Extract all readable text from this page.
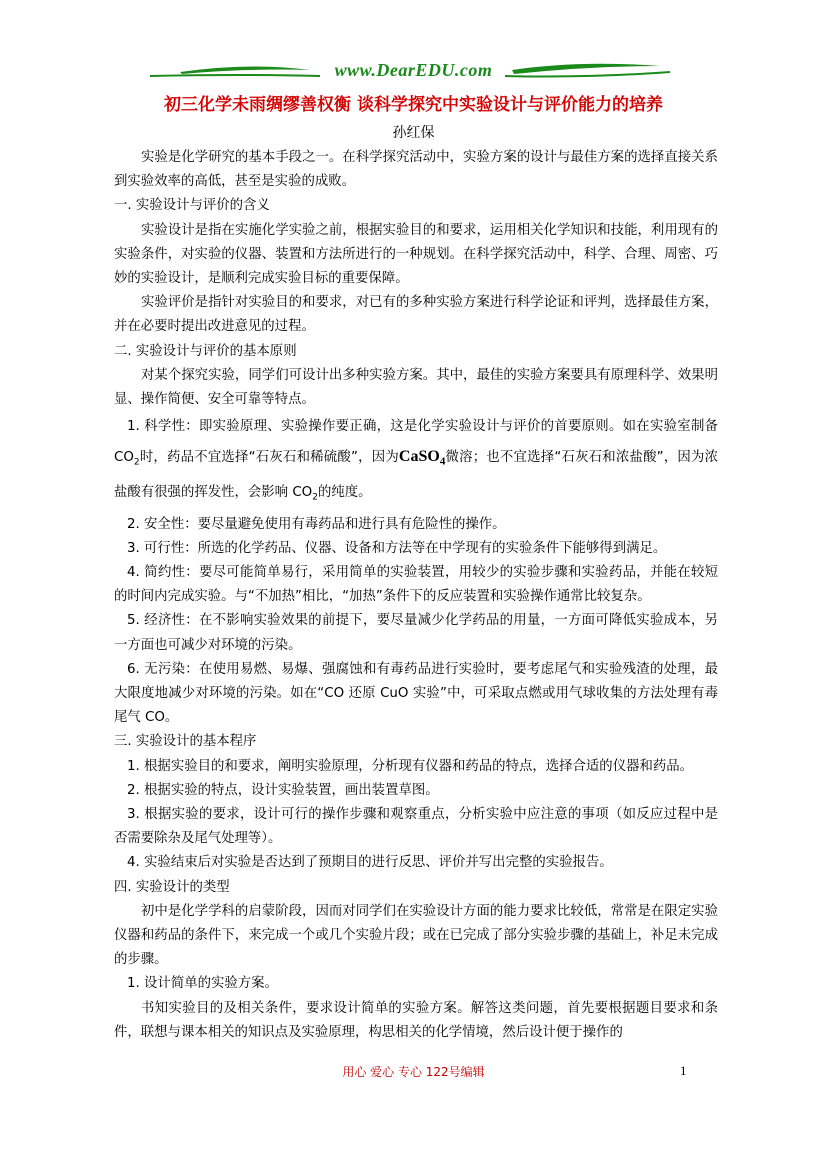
www.DearEDU.com
初三化学未雨绸缪善权衡 谈科学探究中实验设计与评价能力的培养
孙红保

实验是化学研究的基本手段之一。在科学探究活动中，实验方案的设计与最佳方案的选择直接关系到实验效率的高低，甚至是实验的成败。

一. 实验设计与评价的含义

实验设计是指在实施化学实验之前，根据实验目的和要求，运用相关化学知识和技能，利用现有的实验条件，对实验的仪器、装置和方法所进行的一种规划。在科学探究活动中，科学、合理、周密、巧妙的实验设计，是顺利完成实验目标的重要保障。

实验评价是指针对实验目的和要求，对已有的多种实验方案进行科学论证和评判，选择最佳方案，并在必要时提出改进意见的过程。

二. 实验设计与评价的基本原则

对某个探究实验，同学们可设计出多种实验方案。其中，最佳的实验方案要具有原理科学、效果明显、操作简便、安全可靠等特点。

1. 科学性：即实验原理、实验操作要正确，这是化学实验设计与评价的首要原则。如在实验室制备 $CO_2$时，药品不宜选择“石灰石和稀硫酸”，因为CaSO$_4$微溶；也不宜选择“石灰石和浓盐酸”，因为浓盐酸有很强的挥发性，会影响 $CO_2$的纯度。

2. 安全性：要尽量避免使用有毒药品和进行具有危险性的操作。

3. 可行性：所选的化学药品、仪器、设备和方法等在中学现有的实验条件下能够得到满足。

4. 简约性：要尽可能简单易行，采用简单的实验装置，用较少的实验步骤和实验药品，并能在较短的时间内完成实验。与“不加热”相比，“加热”条件下的反应装置和实验操作通常比较复杂。

5. 经济性：在不影响实验效果的前提下，要尽量减少化学药品的用量，一方面可降低实验成本，另一方面也可减少对环境的污染。

6. 无污染：在使用易燃、易爆、强腐蚀和有毒药品进行实验时，要考虑尾气和实验残渣的处理，最大限度地减少对环境的污染。如在“CO 还原 CuO 实验”中，可采取点燃或用气球收集的方法处理有毒尾气 CO。

三. 实验设计的基本程序

1. 根据实验目的和要求，阐明实验原理，分析现有仪器和药品的特点，选择合适的仪器和药品。

2. 根据实验的特点，设计实验装置，画出装置草图。

3. 根据实验的要求，设计可行的操作步骤和观察重点，分析实验中应注意的事项（如反应过程中是否需要除杂及尾气处理等）。

4. 实验结束后对实验是否达到了预期目的进行反思、评价并写出完整的实验报告。

四. 实验设计的类型

初中是化学学科的启蒙阶段，因而对同学们在实验设计方面的能力要求比较低，常常是在限定实验仪器和药品的条件下，来完成一个或几个实验片段；或在已完成了部分实验步骤的基础上，补足未完成的步骤。

1. 设计简单的实验方案。

书知实验目的及相关条件，要求设计简单的实验方案。解答这类问题，首先要根据题目要求和条件，联想与课本相关的知识点及实验原理，构思相关的化学情境，然后设计便于操作的

用心 爱心 专心 122号编辑	1
